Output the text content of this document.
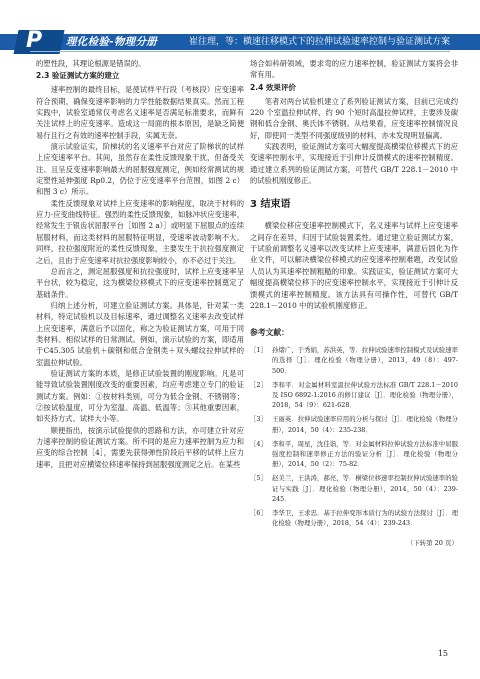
P 理化检验-物理分册	崔往理，等：横速往移模式下的拉伸试验速率控制与验证测试方案

的塑性段，其理论根源是错误的。

2.3 验证测试方案的建立

速率控制的最终目标，是使试样平行段（考核段）应变速率符合预期，确保变速率影响的力学性能数据结果真实。然而工程实践中，试验室通常仅考虑名义速率是否满足标准要求，而鲜有关注试样上的应变速率。造成这一局面的根本原因，是缺乏简便易行且行之有效的速率控制手段，实属无奈。

演示试验证实，阶梯状的名义速率平台对应了阶梯状的试样上应变速率平台。其间，虽然存在柔性反馈现象干扰，但备受关注、且呈反变速率影响最大的屈服强度测定，例如经常测试的规定塑性延伸强度 Rp0.2，仍位于应变速率平台范围，如图 2 c）和图 3 c）所示。

柔性反馈现象对试样上应变速率的影响程度，取决于材料的应力-应变曲线特征。强烈的柔性反馈现象，如脉冲状应变速率，经常发生于银齿状屈服平台［如图 2 a）］或明显下屈服点的连续屈服材料，而这类材料的屈服特征明显，受速率波动影响不大。同样，拉拉强度附近的柔性反馈现象，主要发生于抗拉强度测定之后，且由于应变速率对抗拉强度影响较小，亦不必过于关注。

总而言之，测定屈服强度和抗拉强度时，试样上应变速率呈平台状，较为稳定，这为横梁位移模式下的应变速率控制奠定了基础条件。

归纳上述分析，可建立验证测试方案。具体是，针对某一类材料，特定试验机以及目标速率，通过调整名义速率去改变试样上应变速率，满意后予以固化，称之为验证测试方案，可用于同类材料、相似试样的日常测试。例如，演示试验的方案，即适用于C45.305 试验机＋碳钢和低合金钢类＋双头螺纹拉伸试样的室温拉伸试验。

验证测试方案的本质，是修正试验装置的刚度影响。凡是可能导致试验装置刚度改变的重要因素，均应考虑建立专门的验证测试方案。例如：①按材料类别，可分为低合金钢、不锈钢等；②按试验温度，可分为室温、高温、低温等；③其他重要因素，如夹持方式、试样大小等。

顺便指出，按演示试验提供的思路和方法，亦可建立针对应力速率控制的验证测试方案。所不同的是应力速率控制为应力和应变的综合控制［4］，需要先获得弹性阶段后平移的试样上应力速率，且把对应横梁位移速率保持到屈服强度测定之后。在某些

场合如科研领域，要求弯的应力速率控制，验证测试方案将会非常有用。

2.4 效果评价

笔者对两台试验机建立了系列验证测试方案，目前已完成约 220 个室温拉伸试样，约 90 个短时高温拉伸试样，主要涉及碳钢和低合金钢、奥氏体不锈钢。从结果看，应变速率控制情况良好，即使同一类型不同强度级别的材料，亦未发现明显偏离。

实践表明，验证测试方案可大幅度提高横梁位移模式下的应变速率控制水平，实现接近于引伸计反馈模式的速率控制精度。通过建立系列的验证测试方案，可替代 GB/T 228.1－2010 中的试验机刚度修正。

3 结束语

横梁位移应变速率控制模式下，名义速率与试样上应变速率之间存在差异，归因于试验装置柔性。通过建立验证测试方案，于试验前调整名义速率以改变试样上应变速率，满意后固化为作业文件，可以解决横梁位移模式的应变速率控制难题，改变试验人员认为其速率控制粗糙的印象。实践证实，验证测试方案可大幅度提高横梁位移下的应变速率控制水平，实现接近于引伸计反馈模式的速率控制精度。该方法具有可操作性，可替代 GB/T 228.1－2010 中的试验机刚度修正。

参考文献：
［1］ 孙熠广，于秀娟，苏洪英，等．拉伸试验速率控制模式及试验速率的选择［J］．理化检验（物理分册），2013，49（8）：497-500．
［2］ 李和平．对金属材料室温拉伸试验方法标准 GB/T 228.1－2010 及 ISO 6892-1:2016 的修订建议［J］．理化检验（物理分册），2018，54（9）：621-628．
［3］ 王丽英．拉伸试验速率应用的分析与探讨［J］．理化检验（物理分册），2014，50（4）：235-238．
［4］ 李和平，周星，沈佳诣，等．对金属材料拉伸试验方法标准中屈服强度控制和速率修正方法的验证分析［J］．理化检验（物理分册），2014，50（2）：75-82．
［5］ 赵美兰，王洪涛，郝亮，等．横梁位移速率控制拉伸试验速率的验证与实践［J］．理化检验（物理分册），2014，50（4）：239-245．
［6］ 李华卫，王求忠．基于拉伸变形本质行为的试验方法探讨［J］．理化检验（物理分册），2018，54（4）：239-243．
（下转第 20 页）
15
